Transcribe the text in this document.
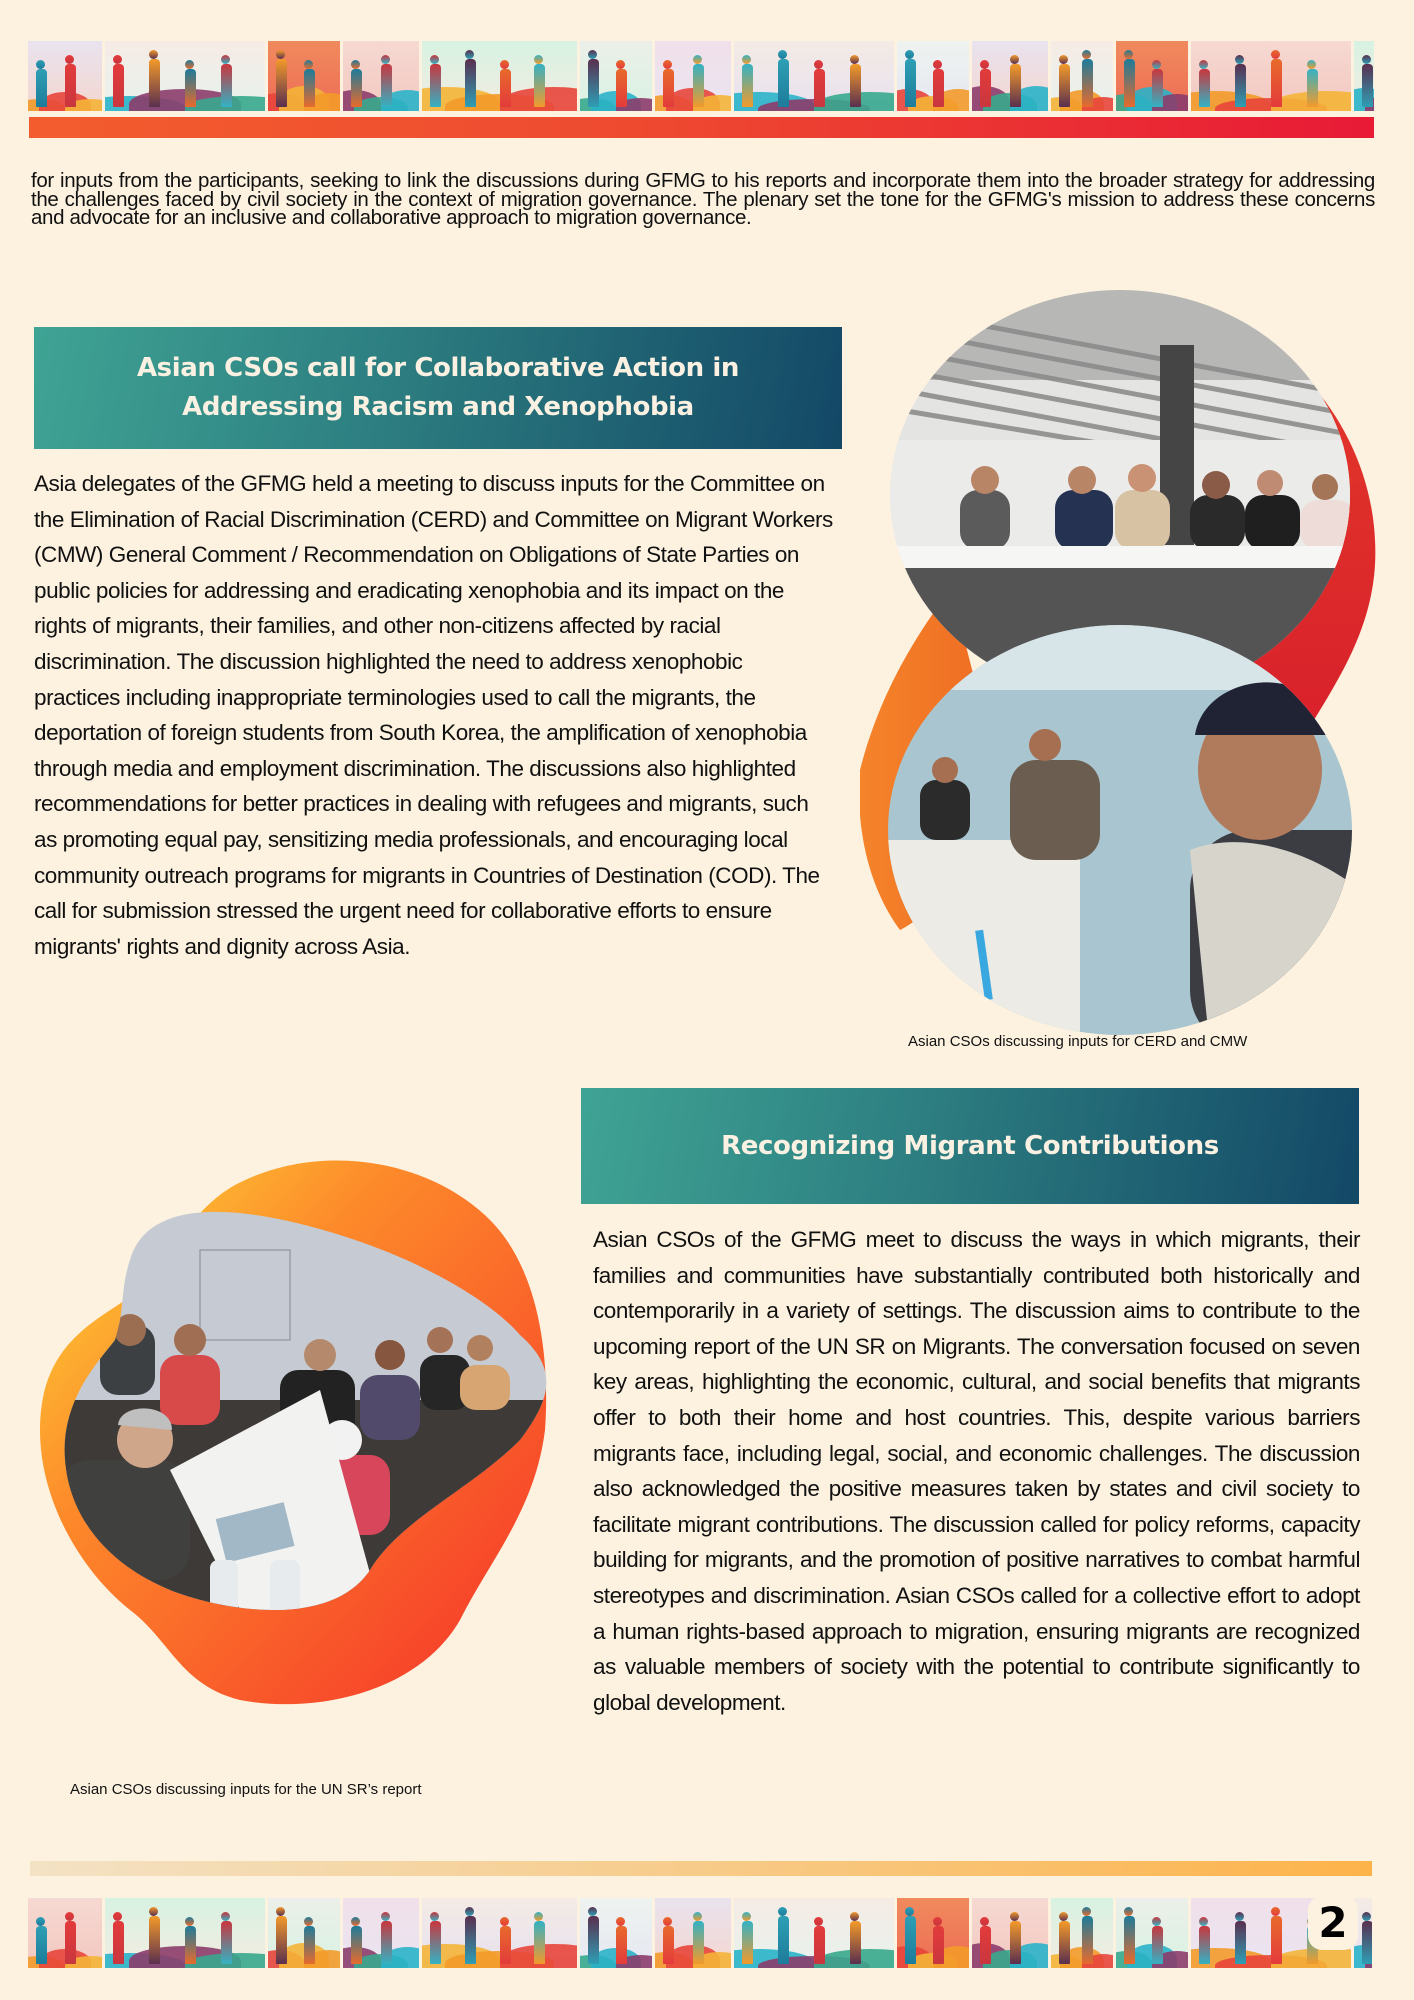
for inputs from the participants, seeking to link the discussions during GFMG to his reports and incorporate them into the broader strategy for addressing the challenges faced by civil society in the context of migration governance. The plenary set the tone for the GFMG's mission to address these concerns and advocate for an inclusive and collaborative approach to migration governance.

Asian CSOs call for Collaborative Action in Addressing Racism and Xenophobia

Asia delegates of the GFMG held a meeting to discuss inputs for the Committee on the Elimination of Racial Discrimination (CERD) and Committee on Migrant Workers (CMW) General Comment / Recommendation on Obligations of State Parties on public policies for addressing and eradicating xenophobia and its impact on the rights of migrants, their families, and other non-citizens affected by racial discrimination. The discussion highlighted the need to address xenophobic practices including inappropriate terminologies used to call the migrants, the deportation of foreign students from South Korea, the amplification of xenophobia through media and employment discrimination. The discussions also highlighted recommendations for better practices in dealing with refugees and migrants, such as promoting equal pay, sensitizing media professionals, and encouraging local community outreach programs for migrants in Countries of Destination (COD). The call for submission stressed the urgent need for collaborative efforts to ensure migrants' rights and dignity across Asia.

Asian CSOs discussing inputs for CERD and CMW
Recognizing Migrant Contributions

Asian CSOs of the GFMG meet to discuss the ways in which migrants, their families and communities have substantially contributed both historically and contemporarily in a variety of settings. The discussion aims to contribute to the upcoming report of the UN SR on Migrants. The conversation focused on seven key areas, highlighting the economic, cultural, and social benefits that migrants offer to both their home and host countries. This, despite various barriers migrants face, including legal, social, and economic challenges. The discussion also acknowledged the positive measures taken by states and civil society to facilitate migrant contributions. The discussion called for policy reforms, capacity building for migrants, and the promotion of positive narratives to combat harmful stereotypes and discrimination. Asian CSOs called for a collective effort to adopt a human rights-based approach to migration, ensuring migrants are recognized as valuable members of society with the potential to contribute significantly to global development.

Asian CSOs discussing inputs for the UN SR’s report
2
